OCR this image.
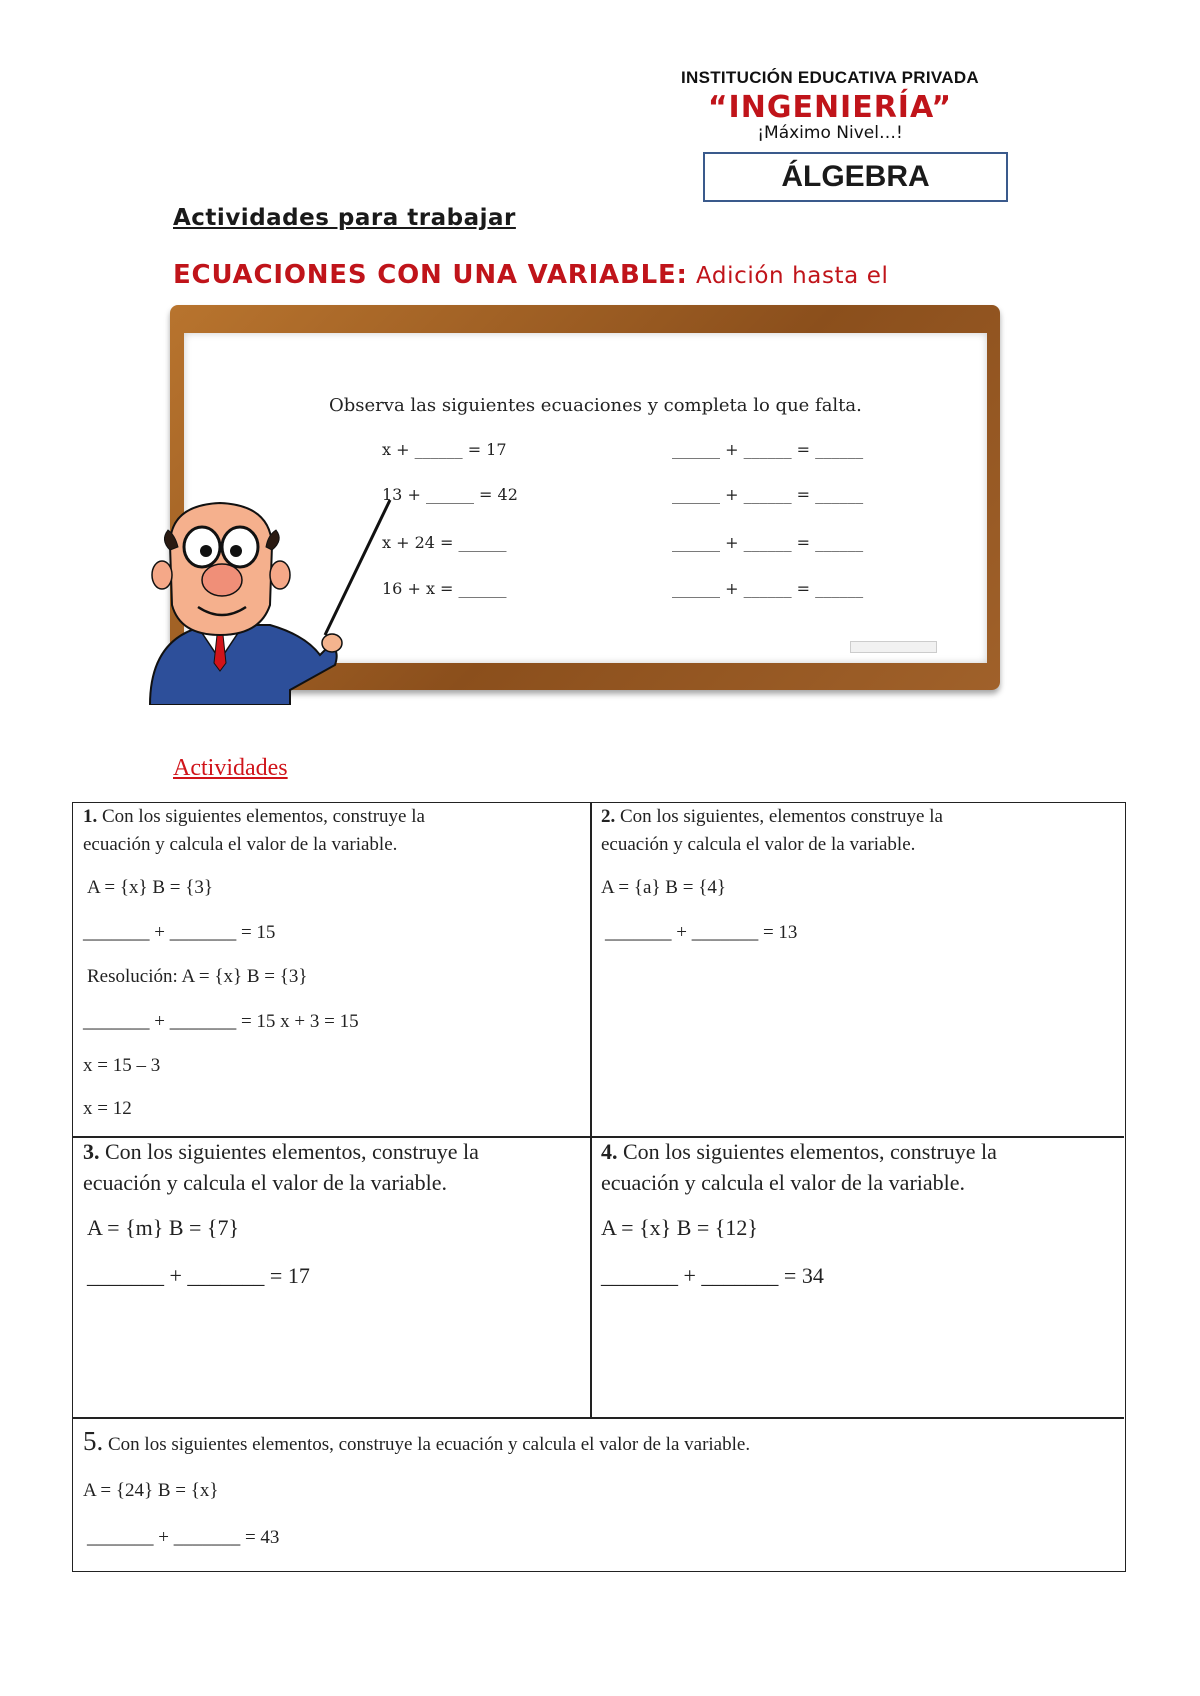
INSTITUCIÓN EDUCATIVA PRIVADA
“INGENIERÍA”
¡Máximo Nivel…!
ÁLGEBRA
Actividades para trabajar
ECUACIONES CON UNA VARIABLE: Adición hasta el
Observa las siguientes ecuaciones y completa lo que falta.
x + ______ = 17
13 + ______ = 42
x + 24 = ______
16 + x = ______
______ + ______ = ______
______ + ______ = ______
______ + ______ = ______
______ + ______ = ______
Actividades
1. Con los siguientes elementos, construye la
ecuación y calcula el valor de la variable.
A = {x} B = {3}
_______ + _______ = 15
Resolución: A = {x} B = {3}
_______ + _______ = 15 x + 3 = 15
x = 15 – 3
x = 12
2. Con los siguientes, elementos construye la
ecuación y calcula el valor de la variable.
A = {a} B = {4}
_______ + _______ = 13
3. Con los siguientes elementos, construye la
ecuación y calcula el valor de la variable.
A = {m} B = {7}
_______ + _______ = 17
4. Con los siguientes elementos, construye la
ecuación y calcula el valor de la variable.
A = {x} B = {12}
_______ + _______ = 34
5. Con los siguientes elementos, construye la ecuación y calcula el valor de la variable.
A = {24} B = {x}
_______ + _______ = 43
